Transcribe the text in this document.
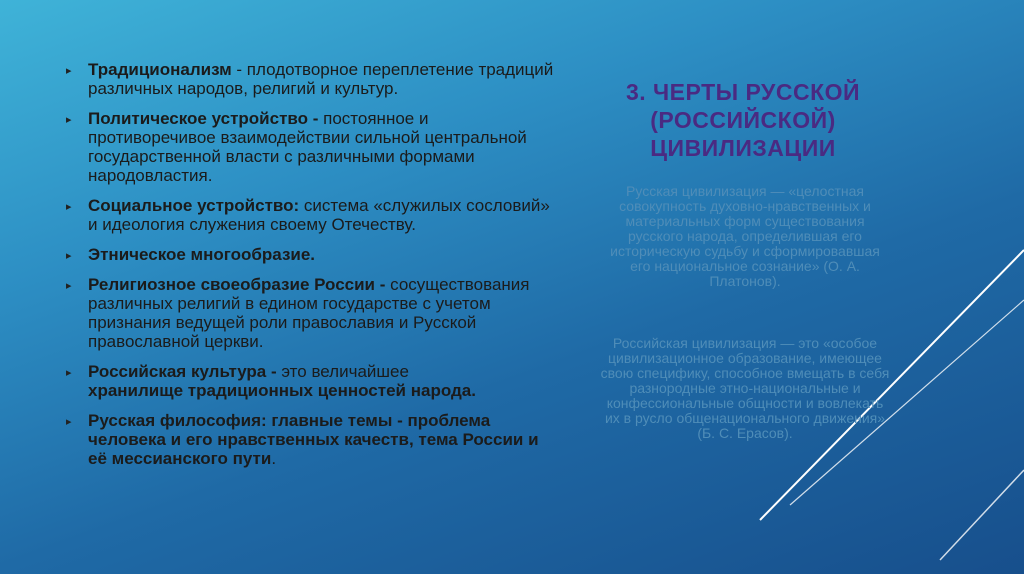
▸ Традиционализм - плодотворное переплетение традиций различных народов, религий и культур.
▸ Политическое устройство - постоянное и противоречивое взаимодействии сильной центральной государственной власти с различными формами народовластия.
▸ Социальное устройство: система «служилых сословий» и идеология служения своему Отечеству.
▸ Этническое многообразие.
▸ Религиозное своеобразие России - сосуществования различных религий в едином государстве с учетом признания ведущей роли православия и Русской православной церкви.
▸ Российская культура - это величайшее
хранилище традиционных ценностей народа.
▸ Русская философия: главные темы - проблема человека и его нравственных качеств, тема России и её мессианского пути.
3. ЧЕРТЫ РУССКОЙ
(РОССИЙСКОЙ)
ЦИВИЛИЗАЦИИ
Русская цивилизация — «целостная совокупность духовно-нравственных и материальных форм существования русского народа, определившая его историческую судьбу и сформировавшая его национальное сознание» (О. А. Платонов).
Российская цивилизация — это «особое цивилизационное образование, имеющее свою специфику, способное вмещать в себя разнородные этно-национальные и конфессиональные общности и вовлекать их в русло общенационального движения» (Б. С. Ерасов).
